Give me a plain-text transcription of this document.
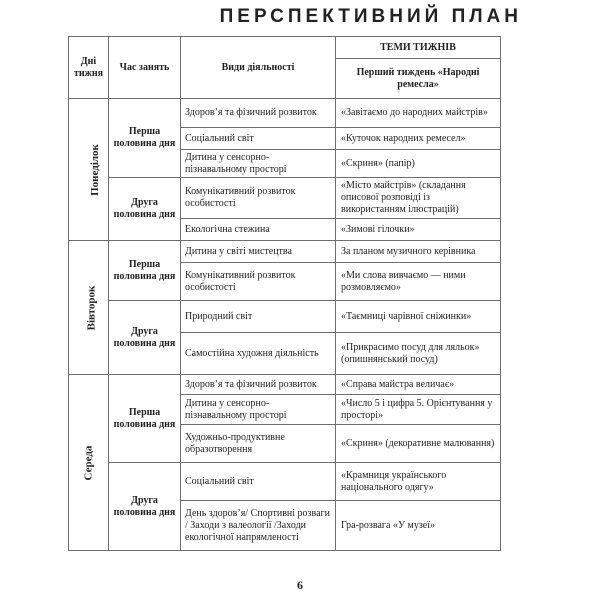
ПЕРСПЕКТИВНИЙ ПЛАН
Дні тижня	Час занять	Види діяльності	ТЕМИ ТИЖНІВ
			Перший тиждень «Народні ремесла»
Понеділок	Перша половина дня	Здоров’я та фізичний розвиток	«Завітаємо до народних майстрів»
		Соціальний світ	«Куточок народних ремесел»
		Дитина у сенсорно-пізнавальному просторі	«Скриня» (папір)
	Друга половина дня	Комунікативний розвиток особистості	«Місто майстрів» (складання описової розповіді із використанням ілюстрацій)
		Екологічна стежина	«Зимові гілочки»
Вівторок	Перша половина дня	Дитина у світі мистецтва	За планом музичного керівника
		Комунікативний розвиток особистості	«Ми слова вивчаємо — ними розмовляємо»
	Друга половина дня	Природний світ	«Таємниці чарівної сніжинки»
		Самостійна художня діяльність	«Прикрасимо посуд для ляльок» (опишнянський посуд)
Середа	Перша половина дня	Здоров’я та фізичний розвиток	«Справа майстра величає»
		Дитина у сенсорно-пізнавальному просторі	«Число 5 і цифра 5. Орієнтування у просторі»
		Художньо-продуктивне образотворення	«Скриня» (декоративне малювання)
	Друга половина дня	Соціальний світ	«Крамниця українського національного одягу»
		День здоров’я/ Спортивні розваги / Заходи з валеології /Заходи екологічної напрямленості	Гра-розвага «У музеї»
6
